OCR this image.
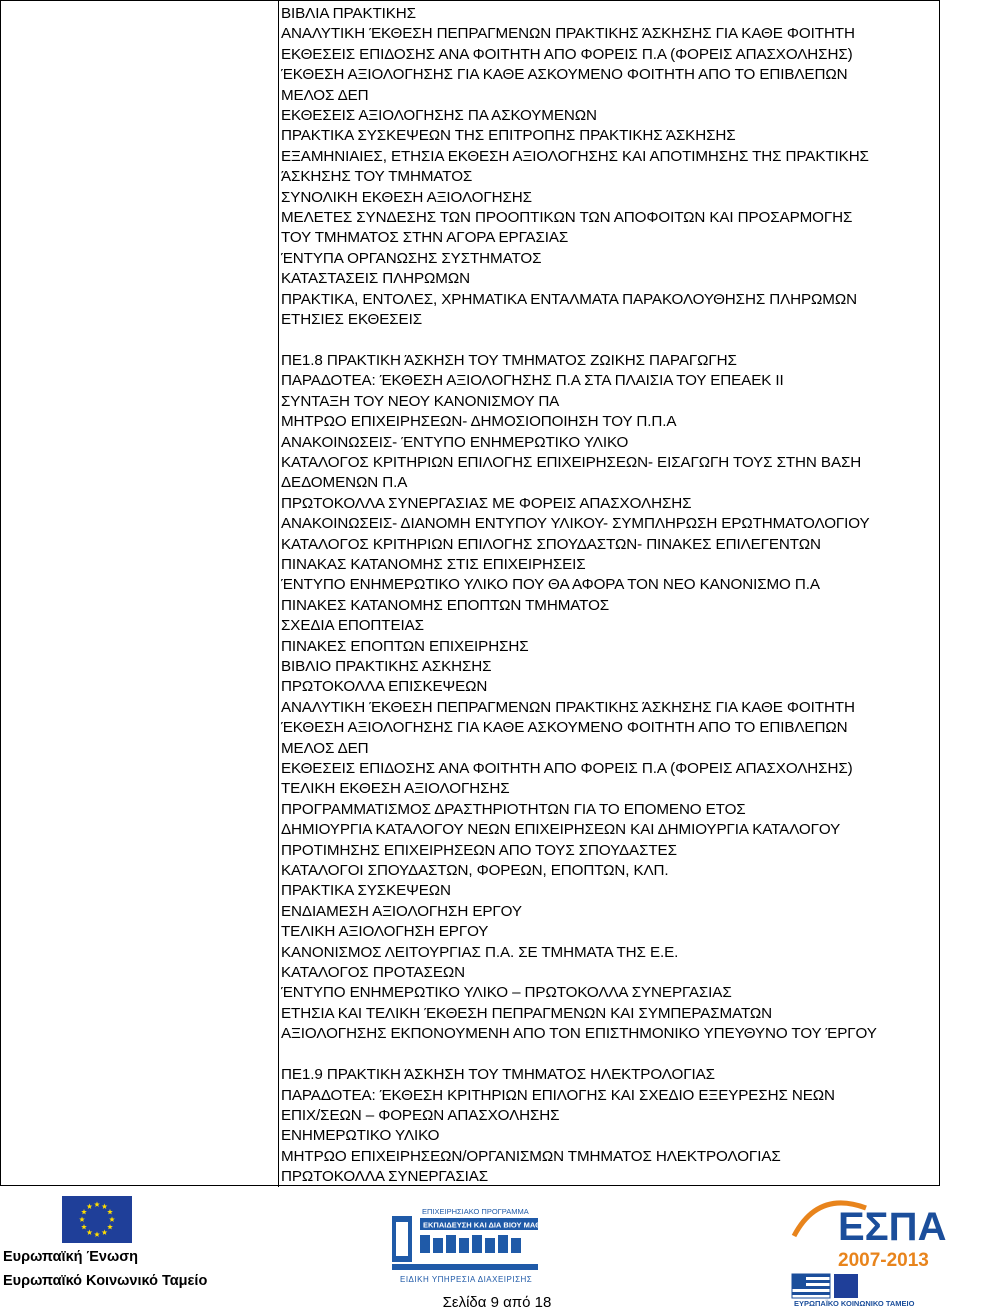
ΒΙΒΛΙΑ ΠΡΑΚΤΙΚΗΣ
ΑΝΑΛΥΤΙΚΗ ΈΚΘΕΣΗ ΠΕΠΡΑΓΜΕΝΩΝ ΠΡΑΚΤΙΚΗΣ ΆΣΚΗΣΗΣ ΓΙΑ ΚΑΘΕ ΦΟΙΤΗΤΗ
ΕΚΘΕΣΕΙΣ ΕΠΙΔΟΣΗΣ ΑΝΑ ΦΟΙΤΗΤΗ ΑΠΟ ΦΟΡΕΙΣ Π.Α (ΦΟΡΕΙΣ ΑΠΑΣΧΟΛΗΣΗΣ)
ΈΚΘΕΣΗ ΑΞΙΟΛΟΓΗΣΗΣ ΓΙΑ ΚΑΘΕ ΑΣΚΟΥΜΕΝΟ ΦΟΙΤΗΤΗ ΑΠΟ ΤΟ ΕΠΙΒΛΕΠΩΝ
ΜΕΛΟΣ ΔΕΠ
ΕΚΘΕΣΕΙΣ ΑΞΙΟΛΟΓΗΣΗΣ ΠΑ ΑΣΚΟΥΜΕΝΩΝ
ΠΡΑΚΤΙΚΑ ΣΥΣΚΕΨΕΩΝ ΤΗΣ ΕΠΙΤΡΟΠΗΣ ΠΡΑΚΤΙΚΗΣ ΆΣΚΗΣΗΣ
ΕΞΑΜΗΝΙΑΙΕΣ, ΕΤΗΣΙΑ ΕΚΘΕΣΗ ΑΞΙΟΛΟΓΗΣΗΣ ΚΑΙ ΑΠΟΤΙΜΗΣΗΣ ΤΗΣ ΠΡΑΚΤΙΚΗΣ
ΆΣΚΗΣΗΣ ΤΟΥ ΤΜΗΜΑΤΟΣ
ΣΥΝΟΛΙΚΗ ΕΚΘΕΣΗ ΑΞΙΟΛΟΓΗΣΗΣ
ΜΕΛΕΤΕΣ ΣΥΝΔΕΣΗΣ ΤΩΝ ΠΡΟΟΠΤΙΚΩΝ ΤΩΝ ΑΠΟΦΟΙΤΩΝ ΚΑΙ ΠΡΟΣΑΡΜΟΓΗΣ
ΤΟΥ ΤΜΗΜΑΤΟΣ ΣΤΗΝ ΑΓΟΡΑ ΕΡΓΑΣΙΑΣ
ΈΝΤΥΠΑ ΟΡΓΑΝΩΣΗΣ ΣΥΣΤΗΜΑΤΟΣ
ΚΑΤΑΣΤΑΣΕΙΣ ΠΛΗΡΩΜΩΝ
ΠΡΑΚΤΙΚΑ, ΕΝΤΟΛΕΣ, ΧΡΗΜΑΤΙΚΑ ΕΝΤΑΛΜΑΤΑ ΠΑΡΑΚΟΛΟΥΘΗΣΗΣ ΠΛΗΡΩΜΩΝ
ΕΤΗΣΙΕΣ ΕΚΘΕΣΕΙΣ
ΠΕ1.8 ΠΡΑΚΤΙΚΗ ΆΣΚΗΣΗ ΤΟΥ ΤΜΗΜΑΤΟΣ ΖΩΙΚΗΣ ΠΑΡΑΓΩΓΗΣ
ΠΑΡΑΔΟΤΕΑ: ΈΚΘΕΣΗ ΑΞΙΟΛΟΓΗΣΗΣ Π.Α ΣΤΑ ΠΛΑΙΣΙΑ ΤΟΥ ΕΠΕΑΕΚ ΙΙ
ΣΥΝΤΑΞΗ ΤΟΥ ΝΕΟΥ ΚΑΝΟΝΙΣΜΟΥ ΠΑ
ΜΗΤΡΩΟ ΕΠΙΧΕΙΡΗΣΕΩΝ- ΔΗΜΟΣΙΟΠΟΙΗΣΗ ΤΟΥ Π.Π.Α
ΑΝΑΚΟΙΝΩΣΕΙΣ- ΈΝΤΥΠΟ ΕΝΗΜΕΡΩΤΙΚΟ ΥΛΙΚΟ
ΚΑΤΑΛΟΓΟΣ ΚΡΙΤΗΡΙΩΝ ΕΠΙΛΟΓΗΣ ΕΠΙΧΕΙΡΗΣΕΩΝ- ΕΙΣΑΓΩΓΗ ΤΟΥΣ ΣΤΗΝ ΒΑΣΗ
ΔΕΔΟΜΕΝΩΝ Π.Α
ΠΡΩΤΟΚΟΛΛΑ ΣΥΝΕΡΓΑΣΙΑΣ ΜΕ ΦΟΡΕΙΣ ΑΠΑΣΧΟΛΗΣΗΣ
ΑΝΑΚΟΙΝΩΣΕΙΣ- ΔΙΑΝΟΜΗ ΕΝΤΥΠΟΥ ΥΛΙΚΟΥ- ΣΥΜΠΛΗΡΩΣΗ ΕΡΩΤΗΜΑΤΟΛΟΓΙΟΥ
ΚΑΤΑΛΟΓΟΣ ΚΡΙΤΗΡΙΩΝ ΕΠΙΛΟΓΗΣ ΣΠΟΥΔΑΣΤΩΝ- ΠΙΝΑΚΕΣ ΕΠΙΛΕΓΕΝΤΩΝ
ΠΙΝΑΚΑΣ ΚΑΤΑΝΟΜΗΣ ΣΤΙΣ ΕΠΙΧΕΙΡΗΣΕΙΣ
ΈΝΤΥΠΟ ΕΝΗΜΕΡΩΤΙΚΟ ΥΛΙΚΟ ΠΟΥ ΘΑ ΑΦΟΡΑ ΤΟΝ ΝΕΟ ΚΑΝΟΝΙΣΜΟ Π.Α
ΠΙΝΑΚΕΣ ΚΑΤΑΝΟΜΗΣ ΕΠΟΠΤΩΝ ΤΜΗΜΑΤΟΣ
ΣΧΕΔΙΑ ΕΠΟΠΤΕΙΑΣ
ΠΙΝΑΚΕΣ ΕΠΟΠΤΩΝ ΕΠΙΧΕΙΡΗΣΗΣ
ΒΙΒΛΙΟ ΠΡΑΚΤΙΚΗΣ ΑΣΚΗΣΗΣ
ΠΡΩΤΟΚΟΛΛΑ ΕΠΙΣΚΕΨΕΩΝ
ΑΝΑΛΥΤΙΚΗ ΈΚΘΕΣΗ ΠΕΠΡΑΓΜΕΝΩΝ ΠΡΑΚΤΙΚΗΣ ΆΣΚΗΣΗΣ ΓΙΑ ΚΑΘΕ ΦΟΙΤΗΤΗ
ΈΚΘΕΣΗ ΑΞΙΟΛΟΓΗΣΗΣ ΓΙΑ ΚΑΘΕ ΑΣΚΟΥΜΕΝΟ ΦΟΙΤΗΤΗ ΑΠΟ ΤΟ ΕΠΙΒΛΕΠΩΝ
ΜΕΛΟΣ ΔΕΠ
ΕΚΘΕΣΕΙΣ ΕΠΙΔΟΣΗΣ ΑΝΑ ΦΟΙΤΗΤΗ ΑΠΟ ΦΟΡΕΙΣ Π.Α (ΦΟΡΕΙΣ ΑΠΑΣΧΟΛΗΣΗΣ)
ΤΕΛΙΚΗ ΕΚΘΕΣΗ ΑΞΙΟΛΟΓΗΣΗΣ
ΠΡΟΓΡΑΜΜΑΤΙΣΜΟΣ ΔΡΑΣΤΗΡΙΟΤΗΤΩΝ ΓΙΑ ΤΟ ΕΠΟΜΕΝΟ ΕΤΟΣ
ΔΗΜΙΟΥΡΓΙΑ ΚΑΤΑΛΟΓΟΥ ΝΕΩΝ ΕΠΙΧΕΙΡΗΣΕΩΝ ΚΑΙ ΔΗΜΙΟΥΡΓΙΑ ΚΑΤΑΛΟΓΟΥ
ΠΡΟΤΙΜΗΣΗΣ ΕΠΙΧΕΙΡΗΣΕΩΝ ΑΠΟ ΤΟΥΣ ΣΠΟΥΔΑΣΤΕΣ
ΚΑΤΑΛΟΓΟΙ ΣΠΟΥΔΑΣΤΩΝ, ΦΟΡΕΩΝ, ΕΠΟΠΤΩΝ, ΚΛΠ.
ΠΡΑΚΤΙΚΑ ΣΥΣΚΕΨΕΩΝ
ΕΝΔΙΑΜΕΣΗ ΑΞΙΟΛΟΓΗΣΗ ΕΡΓΟΥ
ΤΕΛΙΚΗ ΑΞΙΟΛΟΓΗΣΗ ΕΡΓΟΥ
ΚΑΝΟΝΙΣΜΟΣ ΛΕΙΤΟΥΡΓΙΑΣ Π.Α. ΣΕ ΤΜΗΜΑΤΑ ΤΗΣ Ε.Ε.
ΚΑΤΑΛΟΓΟΣ ΠΡΟΤΑΣΕΩΝ
ΈΝΤΥΠΟ ΕΝΗΜΕΡΩΤΙΚΟ ΥΛΙΚΟ – ΠΡΩΤΟΚΟΛΛΑ ΣΥΝΕΡΓΑΣΙΑΣ
ΕΤΗΣΙΑ ΚΑΙ ΤΕΛΙΚΗ ΈΚΘΕΣΗ ΠΕΠΡΑΓΜΕΝΩΝ ΚΑΙ ΣΥΜΠΕΡΑΣΜΑΤΩΝ
ΑΞΙΟΛΟΓΗΣΗΣ ΕΚΠΟΝΟΥΜΕΝΗ ΑΠΟ ΤΟΝ ΕΠΙΣΤΗΜΟΝΙΚΟ ΥΠΕΥΘΥΝΟ ΤΟΥ ΈΡΓΟΥ
ΠΕ1.9 ΠΡΑΚΤΙΚΗ ΆΣΚΗΣΗ ΤΟΥ ΤΜΗΜΑΤΟΣ ΗΛΕΚΤΡΟΛΟΓΙΑΣ
ΠΑΡΑΔΟΤΕΑ: ΈΚΘΕΣΗ ΚΡΙΤΗΡΙΩΝ ΕΠΙΛΟΓΗΣ ΚΑΙ ΣΧΕΔΙΟ ΕΞΕΥΡΕΣΗΣ ΝΕΩΝ
ΕΠΙΧ/ΣΕΩΝ – ΦΟΡΕΩΝ ΑΠΑΣΧΟΛΗΣΗΣ
ΕΝΗΜΕΡΩΤΙΚΟ ΥΛΙΚΟ
ΜΗΤΡΩΟ ΕΠΙΧΕΙΡΗΣΕΩΝ/ΟΡΓΑΝΙΣΜΩΝ ΤΜΗΜΑΤΟΣ ΗΛΕΚΤΡΟΛΟΓΙΑΣ
ΠΡΩΤΟΚΟΛΛΑ ΣΥΝΕΡΓΑΣΙΑΣ
Ευρωπαϊκή Ένωση
Ευρωπαϊκό Κοινωνικό Ταμείο
ΕΠΙΧΕΙΡΗΣΙΑΚΟ ΠΡΟΓΡΑΜΜΑ
ΕΚΠΑΙΔΕΥΣΗ ΚΑΙ ΔΙΑ ΒΙΟΥ ΜΑΘΗΣΗ
ΕΙΔΙΚΗ ΥΠΗΡΕΣΙΑ ΔΙΑΧΕΙΡΙΣΗΣ
ΕΣΠΑ
2007-2013
ΕΥΡΩΠΑΪΚΟ ΚΟΙΝΩΝΙΚΟ ΤΑΜΕΙΟ
Σελίδα 9 από 18
